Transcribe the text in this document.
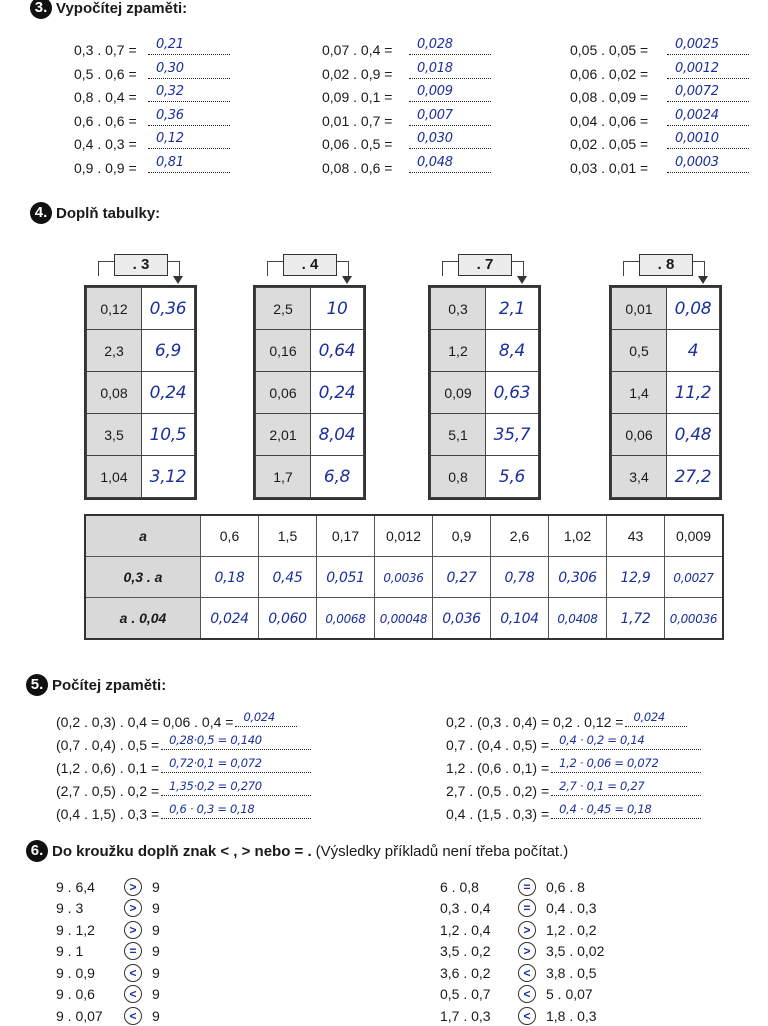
3. Vypočítej zpaměti:
0,3 . 0,7 =	0,21
0,5 . 0,6 =	0,30
0,8 . 0,4 =	0,32
0,6 . 0,6 =	0,36
0,4 . 0,3 =	0,12
0,9 . 0,9 =	0,81
0,07 . 0,4 =	0,028
0,02 . 0,9 =	0,018
0,09 . 0,1 =	0,009
0,01 . 0,7 =	0,007
0,06 . 0,5 =	0,030
0,08 . 0,6 =	0,048
0,05 . 0,05 =	0,0025
0,06 . 0,02 =	0,0012
0,08 . 0,09 =	0,0072
0,04 . 0,06 =	0,0024
0,02 . 0,05 =	0,0010
0,03 . 0,01 =	0,0003
4. Doplň tabulky:
. 3
0,12	0,36
2,3	6,9
0,08	0,24
3,5	10,5
1,04	3,12
. 4
2,5	10
0,16	0,64
0,06	0,24
2,01	8,04
1,7	6,8
. 7
0,3	2,1
1,2	8,4
0,09	0,63
5,1	35,7
0,8	5,6
. 8
0,01	0,08
0,5	4
1,4	11,2
0,06	0,48
3,4	27,2
a	0,6	1,5	0,17	0,012	0,9	2,6	1,02	43	0,009
0,3 . a	0,18	0,45	0,051	0,0036	0,27	0,78	0,306	12,9	0,0027
a . 0,04	0,024	0,060	0,0068	0,00048	0,036	0,104	0,0408	1,72	0,00036
5. Počítej zpaměti:
(0,2 . 0,3) . 0,4 = 0,06 . 0,4 = 0,024
(0,7 . 0,4) . 0,5 = 0,28·0,5 = 0,140
(1,2 . 0,6) . 0,1 = 0,72·0,1 = 0,072
(2,7 . 0,5) . 0,2 = 1,35·0,2 = 0,270
(0,4 . 1,5) . 0,3 = 0,6 · 0,3 = 0,18
0,2 . (0,3 . 0,4) = 0,2 . 0,12 = 0,024
0,7 . (0,4 . 0,5) = 0,4 · 0,2 = 0,14
1,2 . (0,6 . 0,1) = 1,2 · 0,06 = 0,072
2,7 . (0,5 . 0,2) = 2,7 · 0,1 = 0,27
0,4 . (1,5 . 0,3) = 0,4 · 0,45 = 0,18
6. Do kroužku doplň znak < , > nebo = . (Výsledky příkladů není třeba počítat.)
9 . 6,4	>	9
9 . 3	>	9
9 . 1,2	>	9
9 . 1	=	9
9 . 0,9	<	9
9 . 0,6	<	9
9 . 0,07	<	9
6 . 0,8	=	0,6 . 8
0,3 . 0,4	=	0,4 . 0,3
1,2 . 0,4	>	1,2 . 0,2
3,5 . 0,2	>	3,5 . 0,02
3,6 . 0,2	<	3,8 . 0,5
0,5 . 0,7	<	5 . 0,07
1,7 . 0,3	<	1,8 . 0,3
